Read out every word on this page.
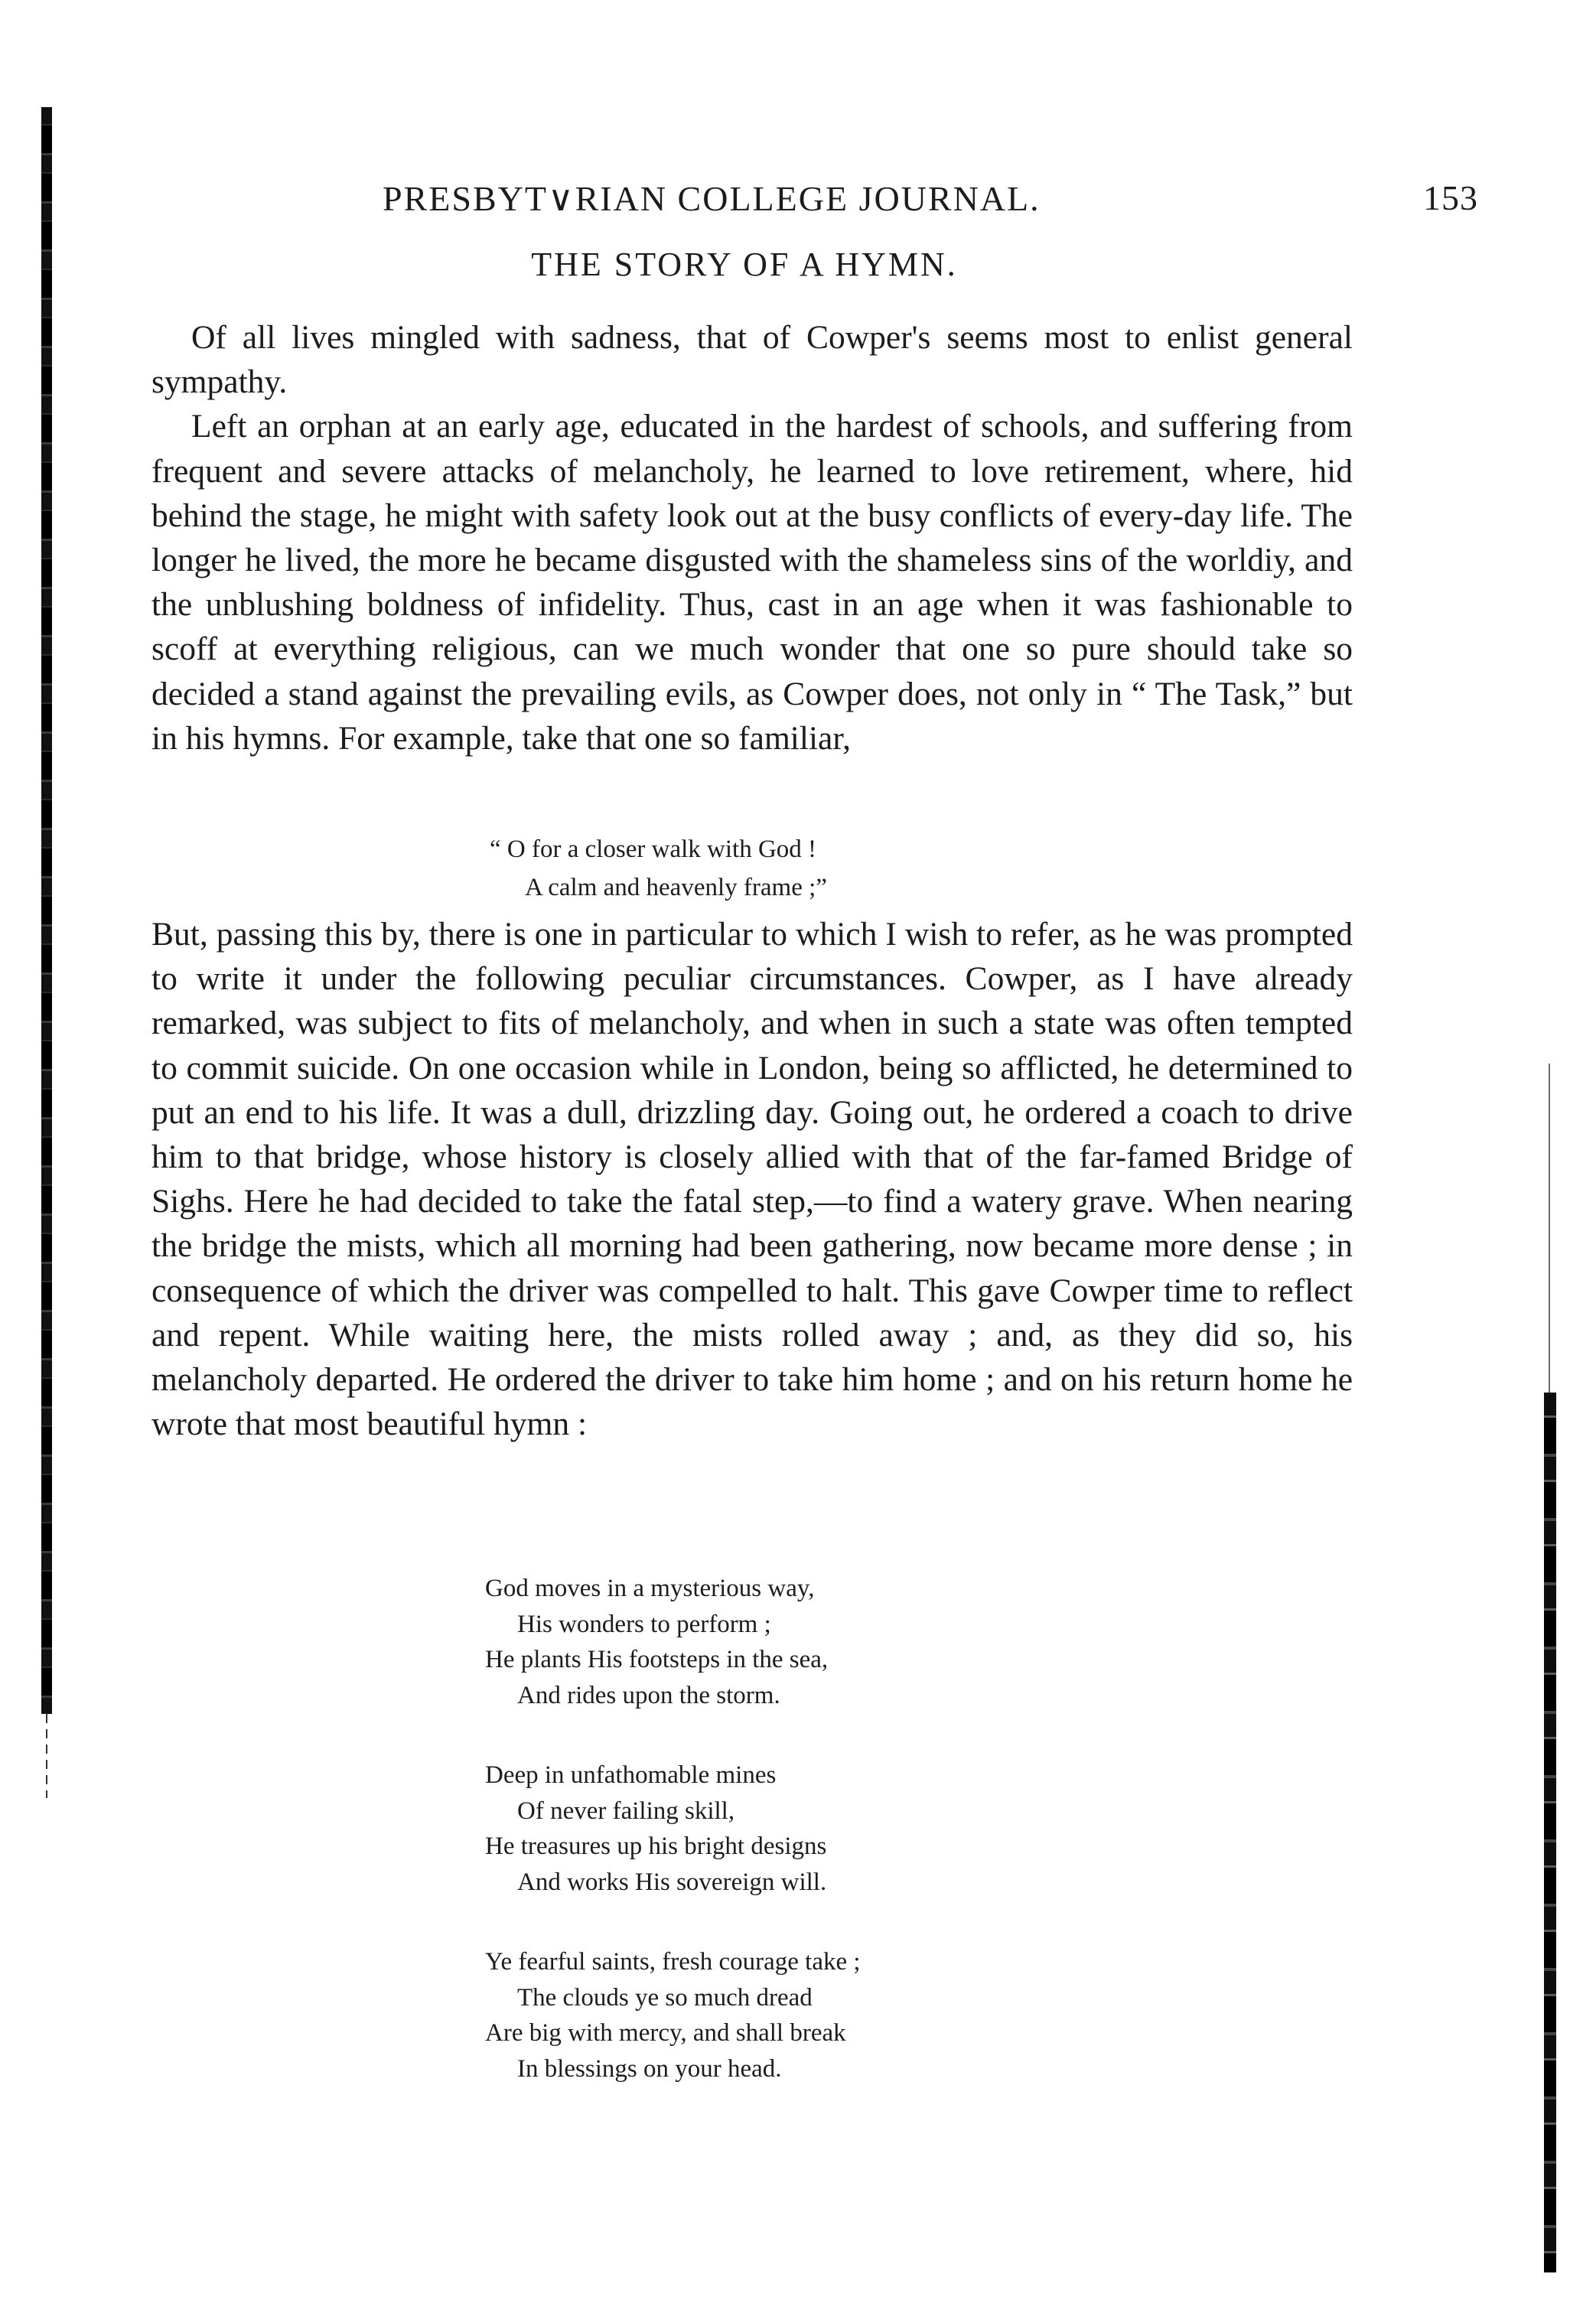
PRESBYT∨RIAN COLLEGE JOURNAL.	153
THE STORY OF A HYMN.

Of all lives mingled with sadness, that of Cowper's seems most to enlist general sympathy.

Left an orphan at an early age, educated in the hardest of schools, and suffering from frequent and severe attacks of melancholy, he learned to love retirement, where, hid behind the stage, he might with safety look out at the busy conflicts of every-day life. The longer he lived, the more he became disgusted with the shameless sins of the worldiy, and the unblushing boldness of infidelity. Thus, cast in an age when it was fashionable to scoff at everything religious, can we much wonder that one so pure should take so decided a stand against the prevailing evils, as Cowper does, not only in “ The Task,” but in his hymns. For example, take that one so familiar,

“ O for a closer walk with God !
A calm and heavenly frame ;”

But, passing this by, there is one in particular to which I wish to refer, as he was prompted to write it under the following peculiar circumstances. Cowper, as I have already remarked, was subject to fits of melancholy, and when in such a state was often tempted to commit suicide. On one occasion while in London, being so afflicted, he determined to put an end to his life. It was a dull, drizzling day. Going out, he ordered a coach to drive him to that bridge, whose history is closely allied with that of the far-famed Bridge of Sighs. Here he had decided to take the fatal step,—to find a watery grave. When nearing the bridge the mists, which all morning had been gathering, now became more dense ; in consequence of which the driver was compelled to halt. This gave Cowper time to reflect and repent. While waiting here, the mists rolled away ; and, as they did so, his melancholy departed. He ordered the driver to take him home ; and on his return home he wrote that most beautiful hymn :

God moves in a mysterious way,
His wonders to perform ;
He plants His footsteps in the sea,
And rides upon the storm.
Deep in unfathomable mines
Of never failing skill,
He treasures up his bright designs
And works His sovereign will.
Ye fearful saints, fresh courage take ;
The clouds ye so much dread
Are big with mercy, and shall break
In blessings on your head.
